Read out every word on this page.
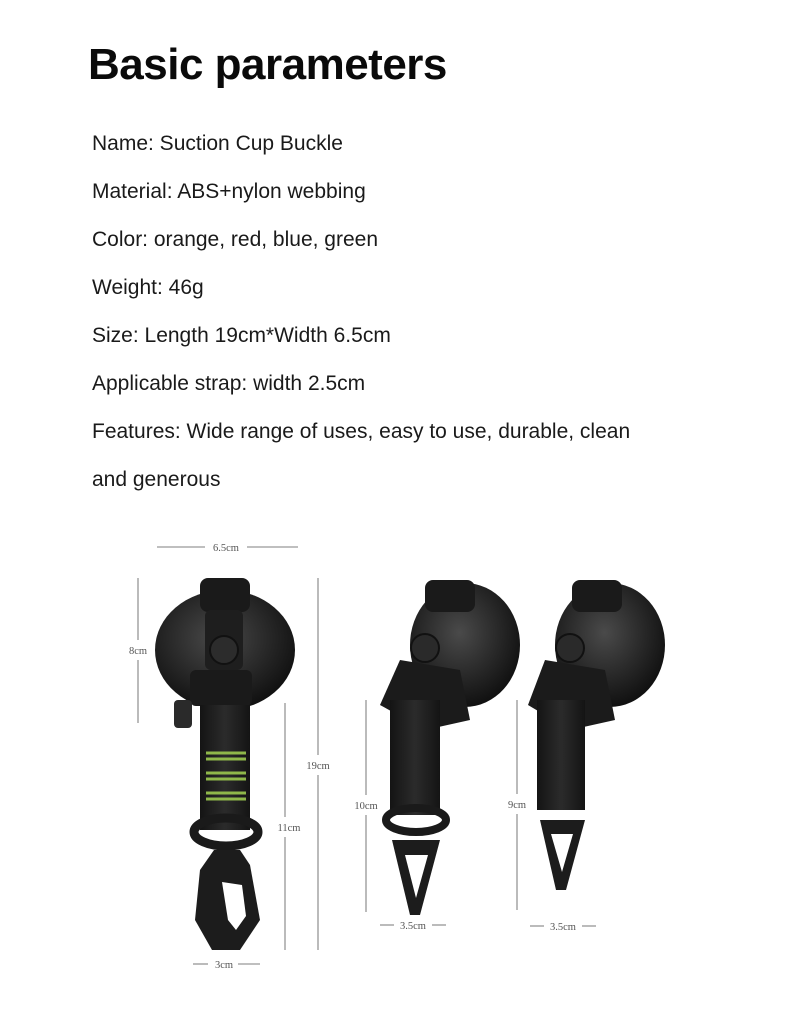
Basic parameters
Name: Suction Cup Buckle
Material: ABS+nylon webbing
Color: orange, red, blue, green
Weight: 46g
Size: Length 19cm*Width 6.5cm
Applicable strap: width 2.5cm
Features: Wide range of uses, easy to use, durable, clean
and generous
6.5cm
8cm
19cm
11cm
3cm
10cm
3.5cm
9cm
3.5cm
